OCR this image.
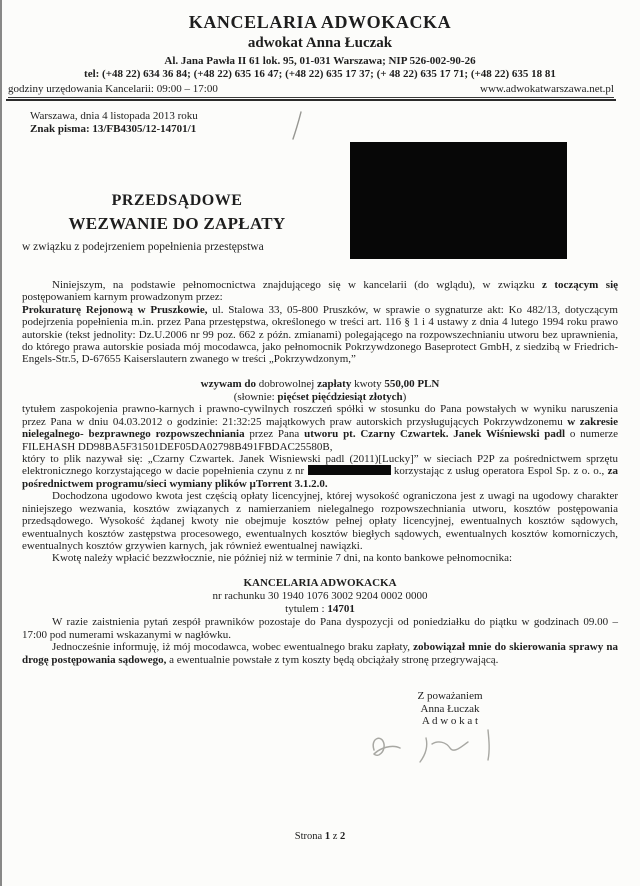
KANCELARIA ADWOKACKA
adwokat Anna Łuczak
Al. Jana Pawła II 61 lok. 95, 01-031 Warszawa; NIP 526-002-90-26
tel: (+48 22) 634 36 84; (+48 22) 635 16 47; (+48 22) 635 17 37; (+ 48 22) 635 17 71; (+48 22) 635 18 81
godziny urzędowania Kancelarii: 09:00 – 17:00	www.adwokatwarszawa.net.pl
Warszawa, dnia 4 listopada 2013 roku
Znak pisma: 13/FB4305/12-14701/1
PRZEDSĄDOWE
WEZWANIE DO ZAPŁATY
w związku z podejrzeniem popełnienia przestępstwa

Niniejszym, na podstawie pełnomocnictwa znajdującego się w kancelarii (do wglądu), w związku z toczącym się postępowaniem karnym prowadzonym przez:

Prokuraturę Rejonową w Pruszkowie, ul. Stalowa 33, 05-800 Pruszków, w sprawie o sygnaturze akt: Ko 482/13, dotyczącym podejrzenia popełnienia m.in. przez Pana przestępstwa, określonego w treści art. 116 § 1 i 4 ustawy z dnia 4 lutego 1994 roku prawo autorskie (tekst jednolity: Dz.U.2006 nr 99 poz. 662 z późn. zmianami) polegającego na rozpowszechnianiu utworu bez uprawnienia, do którego prawa autorskie posiada mój mocodawca, jako pełnomocnik Pokrzywdzonego Baseprotect GmbH, z siedzibą w Friedrich-Engels-Str.5, D-67655 Kaiserslautern zwanego w treści „Pokrzywdzonym,”

wzywam do dobrowolnej zapłaty kwoty 550,00 PLN
(słownie: pięćset pięćdziesiąt złotych)

tytułem zaspokojenia prawno-karnych i prawno-cywilnych roszczeń spółki w stosunku do Pana powstałych w wyniku naruszenia przez Pana w dniu 04.03.2012 o godzinie: 21:32:25 majątkowych praw autorskich przysługujących Pokrzywdzonemu w zakresie nielegalnego- bezprawnego rozpowszechniania przez Pana utworu pt. Czarny Czwartek. Janek Wiśniewski padl o numerze FILEHASH DD98BA5F31501DEF05DA02798B491FBDAC25580B,

który to plik nazywał się: „Czarny Czwartek. Janek Wisniewski padl (2011)[Lucky]” w sieciach P2P za pośrednictwem sprzętu elektronicznego korzystającego w dacie popełnienia czynu z nr	korzystając z usług operatora Espol Sp. z o. o., za pośrednictwem programu/sieci wymiany plików µTorrent 3.1.2.0.

Dochodzona ugodowo kwota jest częścią opłaty licencyjnej, której wysokość ograniczona jest z uwagi na ugodowy charakter niniejszego wezwania, kosztów związanych z namierzaniem nielegalnego rozpowszechniania utworu, kosztów postępowania przedsądowego. Wysokość żądanej kwoty nie obejmuje kosztów pełnej opłaty licencyjnej, ewentualnych kosztów sądowych, ewentualnych kosztów zastępstwa procesowego, ewentualnych kosztów biegłych sądowych, ewentualnych kosztów komorniczych, ewentualnych kosztów grzywien karnych, jak również ewentualnej nawiązki.

Kwotę należy wpłacić bezzwłocznie, nie później niż w terminie 7 dni, na konto bankowe pełnomocnika:

KANCELARIA ADWOKACKA
nr rachunku 30 1940 1076 3002 9204 0002 0000
tytulem : 14701

W razie zaistnienia pytań zespół prawników pozostaje do Pana dyspozycji od poniedziałku do piątku w godzinach 09.00 – 17:00 pod numerami wskazanymi w nagłówku.

Jednocześnie informuję, iż mój mocodawca, wobec ewentualnego braku zapłaty, zobowiązał mnie do skierowania sprawy na drogę postępowania sądowego, a ewentualnie powstałe z tym koszty będą obciążały stronę przegrywającą.

Z poważaniem
Anna Łuczak
A d w o k a t
Strona 1 z 2
